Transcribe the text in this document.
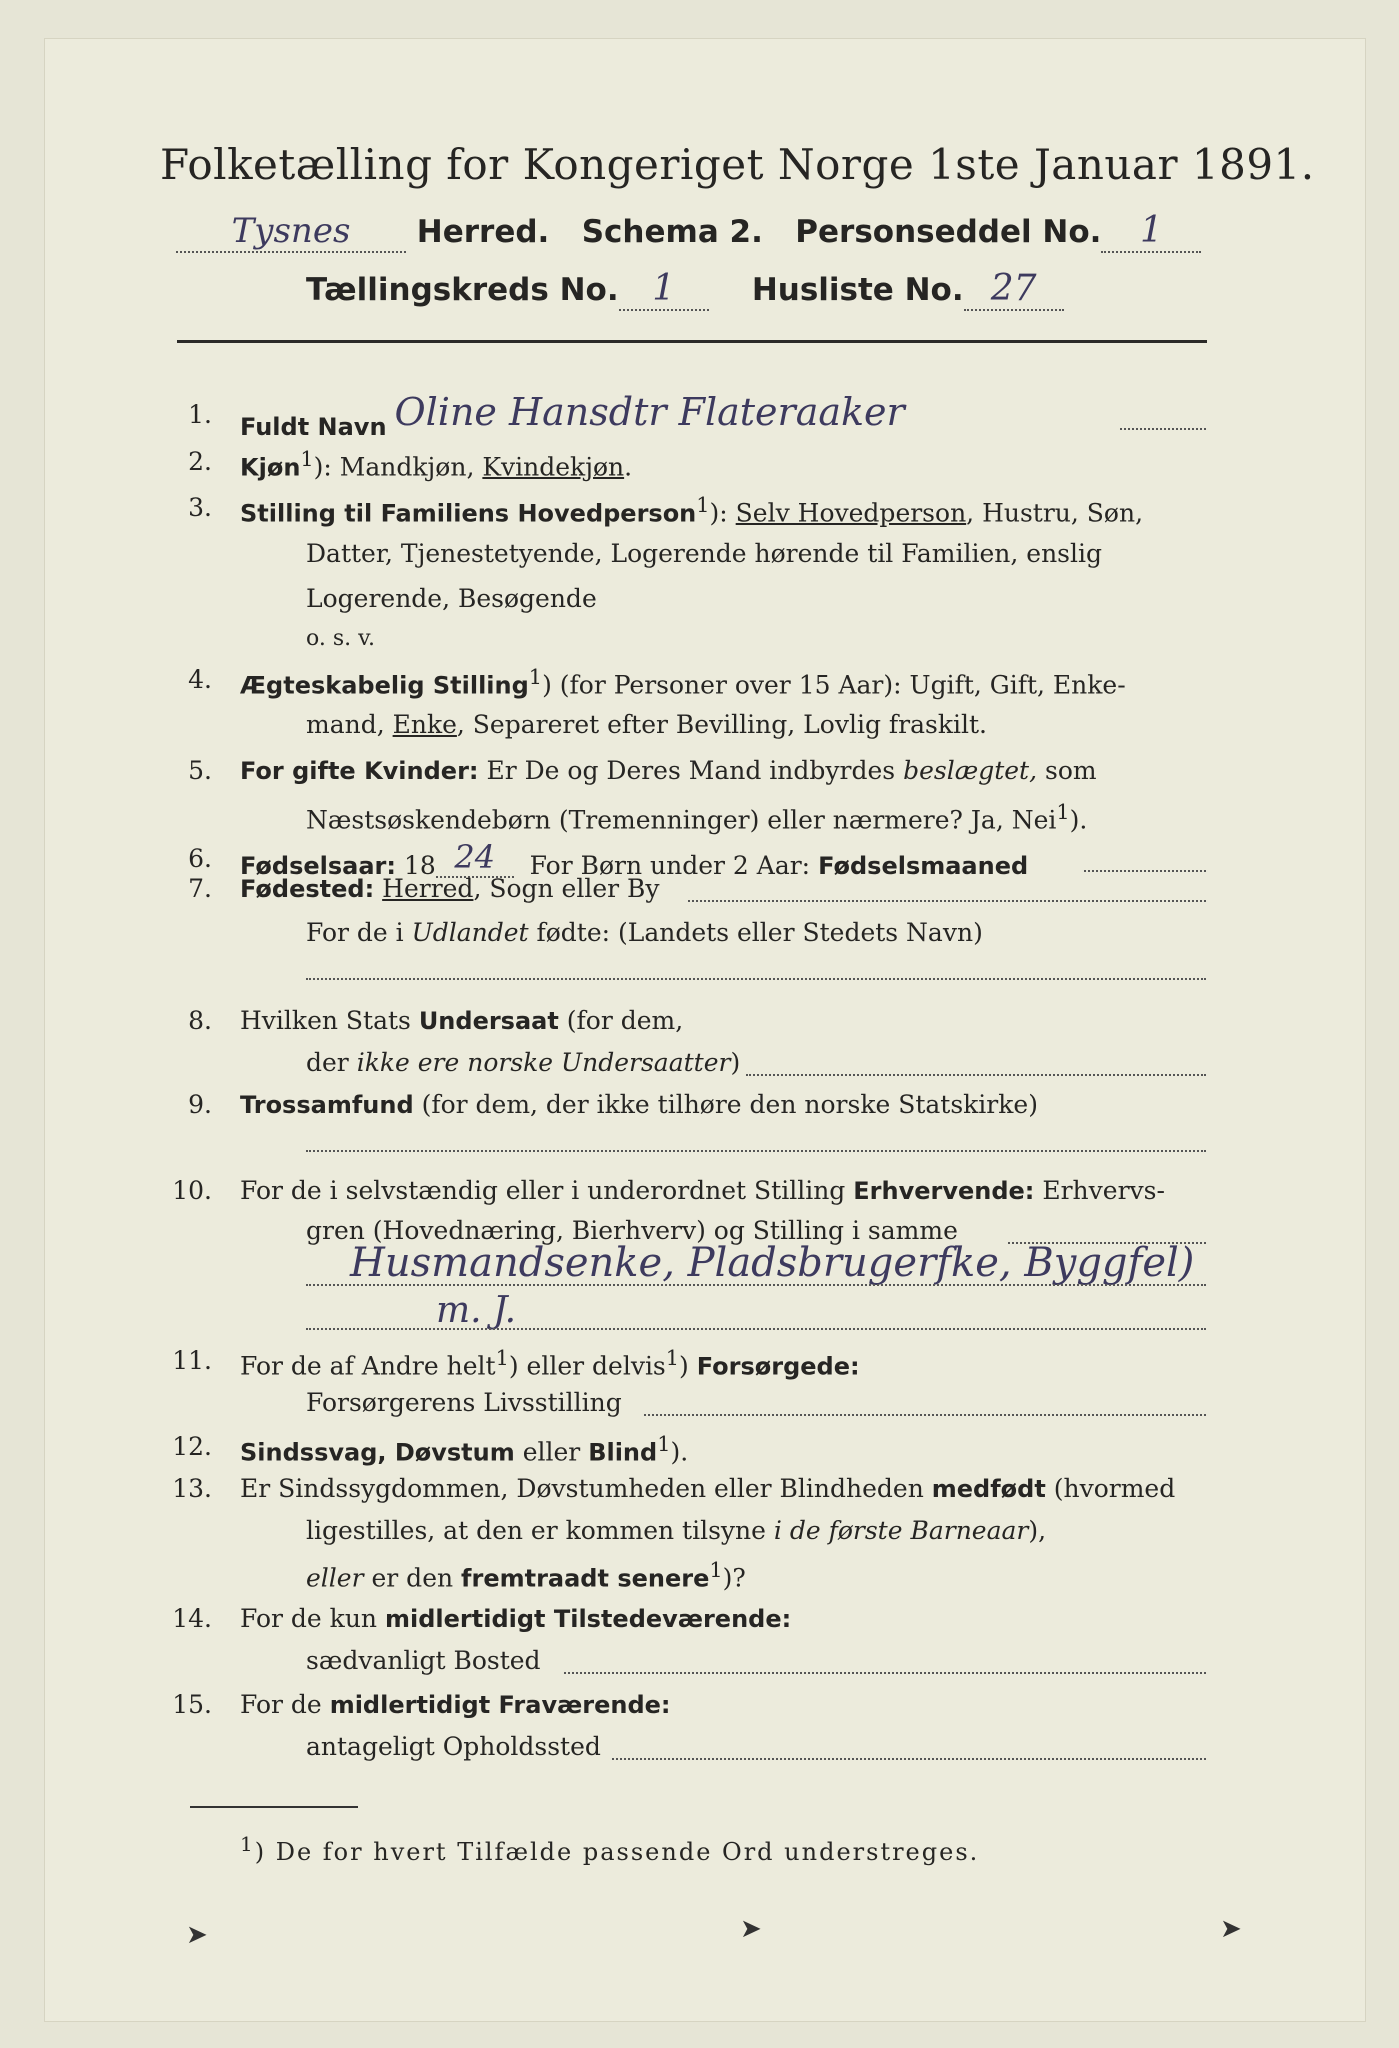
Folketælling for Kongeriget Norge 1ste Januar 1891.
Tysnes Herred. Schema 2. Personseddel No. 1
Tællingskreds No. 1 Husliste No. 27
1. Fuldt Navn Oline Hansdtr Flateraaker
2. Kjøn$^1$): Mandkjøn, Kvindekjøn.
3. Stilling til Familiens Hovedperson$^1$): Selv Hovedperson, Hustru, Søn,
Datter, Tjenestetyende, Logerende hørende til Familien, enslig
Logerende, Besøgende
o. s. v.
4. Ægteskabelig Stilling$^1$) (for Personer over 15 Aar): Ugift, Gift, Enke-
mand, Enke, Separeret efter Bevilling, Lovlig fraskilt.
5. For gifte Kvinder: Er De og Deres Mand indbyrdes beslægtet, som
Næstsøskendebørn (Tremenninger) eller nærmere? Ja, Nei$^1$).
6. Fødselsaar: 18 24 For Børn under 2 Aar: Fødselsmaaned
7. Fødested: Herred, Sogn eller By
For de i Udlandet fødte: (Landets eller Stedets Navn)
8. Hvilken Stats Undersaat (for dem,
der ikke ere norske Undersaatter)
9. Trossamfund (for dem, der ikke tilhøre den norske Statskirke)
10. For de i selvstændig eller i underordnet Stilling Erhvervende: Erhvervs-
gren (Hovednæring, Bierhverv) og Stilling i samme
Husmandsenke, Pladsbrugerfke, Byggfel)
m. J.
11. For de af Andre helt$^1$) eller delvis$^1$) Forsørgede:
Forsørgerens Livsstilling
12. Sindssvag, Døvstum eller Blind$^1$).
13. Er Sindssygdommen, Døvstumheden eller Blindheden medfødt (hvormed
ligestilles, at den er kommen tilsyne i de første Barneaar),
eller er den fremtraadt senere$^1$)?
14. For de kun midlertidigt Tilstedeværende:
sædvanligt Bosted
15. For de midlertidigt Fraværende:
antageligt Opholdssted
$^1$) De for hvert Tilfælde passende Ord understreges.
➤	➤	➤
